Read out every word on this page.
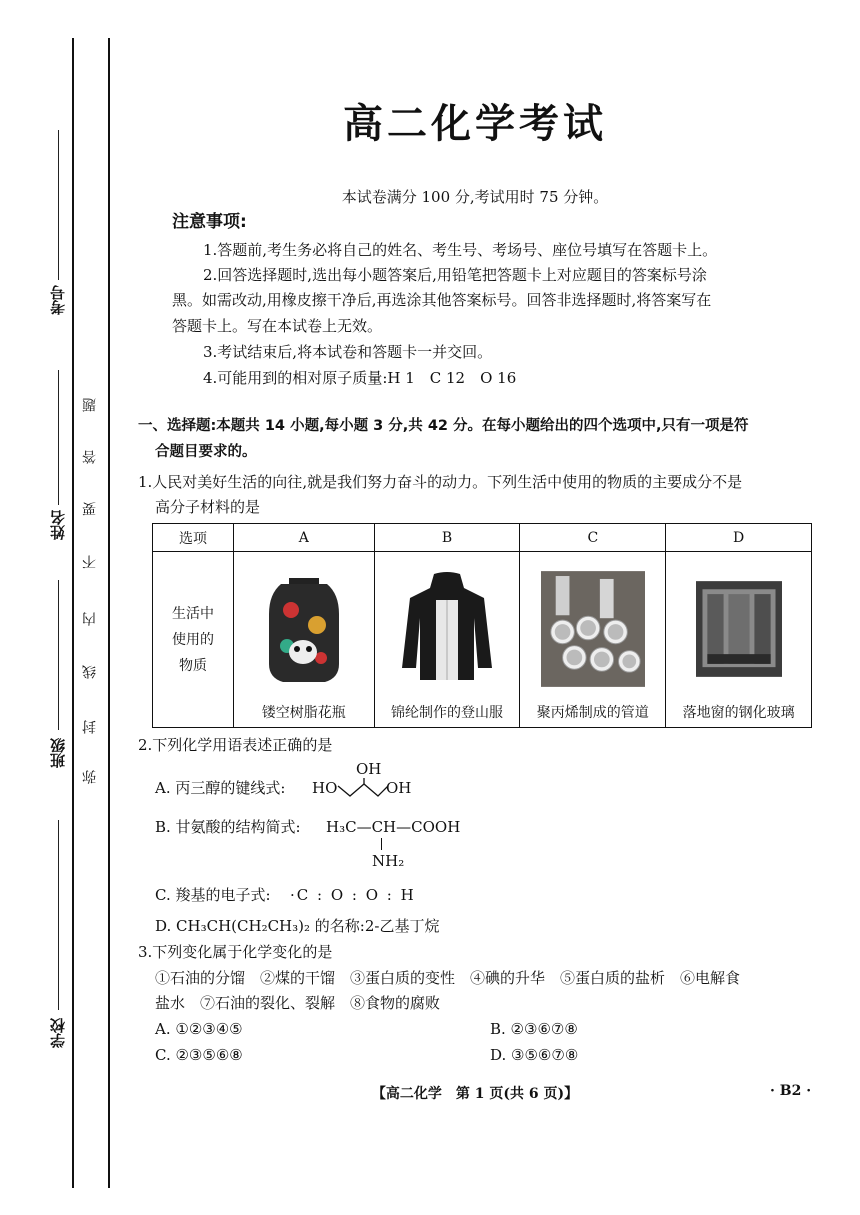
考号
姓名
班级
学校
题
答
要
不
内
线
封
弥
高二化学考试
本试卷满分 100 分,考试用时 75 分钟。
注意事项:
1.答题前,考生务必将自己的姓名、考生号、考场号、座位号填写在答题卡上。
2.回答选择题时,选出每小题答案后,用铅笔把答题卡上对应题目的答案标号涂
黑。如需改动,用橡皮擦干净后,再选涂其他答案标号。回答非选择题时,将答案写在
答题卡上。写在本试卷上无效。
3.考试结束后,将本试卷和答题卡一并交回。
4.可能用到的相对原子质量:H 1　C 12　O 16
一、选择题:本题共 14 小题,每小题 3 分,共 42 分。在每小题给出的四个选项中,只有一项是符
合题目要求的。
1.人民对美好生活的向往,就是我们努力奋斗的动力。下列生活中使用的物质的主要成分不是
高分子材料的是
选项	A	B	C	D

生活中
使用的
物质

	镂空树脂花瓶	锦纶制作的登山服	聚丙烯制成的管道	落地窗的钢化玻璃
2.下列化学用语表述正确的是
A. 丙三醇的键线式:
OH
HO	OH
B. 甘氨酸的结构简式: H₃C—CH—COOH
NH₂
C. 羧基的电子式: ·C : O : O : H
D. CH₃CH(CH₂CH₃)₂ 的名称:2-乙基丁烷
3.下列变化属于化学变化的是
①石油的分馏　②煤的干馏　③蛋白质的变性　④碘的升华　⑤蛋白质的盐析　⑥电解食
盐水　⑦石油的裂化、裂解　⑧食物的腐败
A. ①②③④⑤	B. ②③⑥⑦⑧
C. ②③⑤⑥⑧	D. ③⑤⑥⑦⑧
【高二化学　第 1 页(共 6 页)】	· B2 ·
